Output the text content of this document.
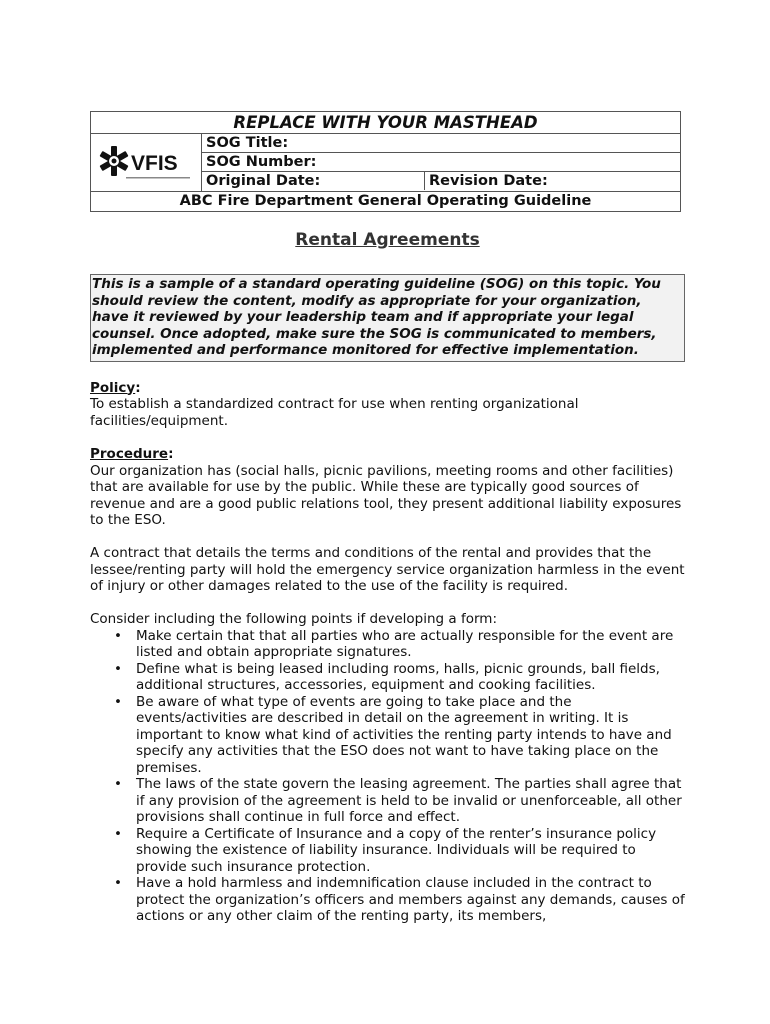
REPLACE WITH YOUR MASTHEAD
VFIS
SOG Title:
SOG Number:
Original Date:	Revision Date:
ABC Fire Department General Operating Guideline
Rental Agreements
This is a sample of a standard operating guideline (SOG) on this topic. You should review the content, modify as appropriate for your organization, have it reviewed by your leadership team and if appropriate your legal counsel. Once adopted, make sure the SOG is communicated to members, implemented and performance monitored for effective implementation.
Policy:

To establish a standardized contract for use when renting organizational facilities/equipment.

Procedure:

Our organization has (social halls, picnic pavilions, meeting rooms and other facilities) that are available for use by the public. While these are typically good sources of revenue and are a good public relations tool, they present additional liability exposures to the ESO.

A contract that details the terms and conditions of the rental and provides that the lessee/renting party will hold the emergency service organization harmless in the event of injury or other damages related to the use of the facility is required.

Consider including the following points if developing a form:

• Make certain that that all parties who are actually responsible for the event are listed and obtain appropriate signatures.
• Define what is being leased including rooms, halls, picnic grounds, ball fields, additional structures, accessories, equipment and cooking facilities.
• Be aware of what type of events are going to take place and the events/activities are described in detail on the agreement in writing. It is important to know what kind of activities the renting party intends to have and specify any activities that the ESO does not want to have taking place on the premises.
• The laws of the state govern the leasing agreement. The parties shall agree that if any provision of the agreement is held to be invalid or unenforceable, all other provisions shall continue in full force and effect.
• Require a Certificate of Insurance and a copy of the renter’s insurance policy showing the existence of liability insurance. Individuals will be required to provide such insurance protection.
• Have a hold harmless and indemnification clause included in the contract to protect the organization’s officers and members against any demands, causes of actions or any other claim of the renting party, its members,
